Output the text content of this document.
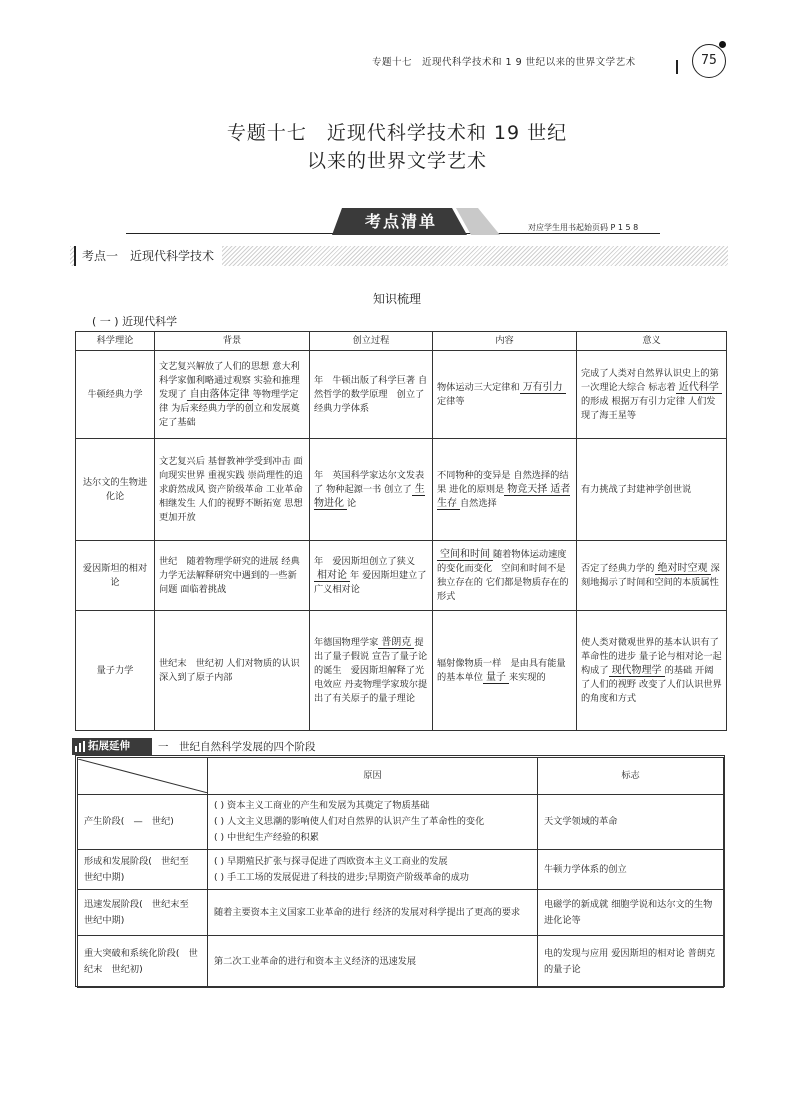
专题十七　近现代科学技术和 1 9 世纪以来的世界文学艺术	75
专题十七　近现代科学技术和 19 世纪
以来的世界文学艺术
考点清单	对应学生用书起始页码 P 1 5 8
考点一　近现代科学技术
知识梳理
( 一 ) 近现代科学
科学理论	背景	创立过程	内容	意义
牛顿经典力学	文艺复兴解放了人们的思想 意大利科学家伽利略通过观察 实验和推理发现了 自由落体定律 等物理学定律 为后来经典力学的创立和发展奠定了基础	年　牛顿出版了科学巨著 自然哲学的数学原理　创立了经典力学体系	物体运动三大定律和 万有引力定律等	完成了人类对自然界认识史上的第一次理论大综合 标志着 近代科学的形成 根据万有引力定律 人们发现了海王星等
达尔文的生物进化论	文艺复兴后 基督教神学受到冲击 面向现实世界 重视实践 崇尚理性的追求蔚然成风 资产阶级革命 工业革命相继发生 人们的视野不断拓宽 思想更加开放	年　英国科学家达尔文发表了 物种起源一书 创立了 生物进化 论	不同物种的变异是 自然选择的结果 进化的原则是 物竞天择 适者生存 自然选择	有力挑战了封建神学创世说
爱因斯坦的相对论	世纪　随着物理学研究的进展 经典力学无法解释研究中遇到的一些新问题 面临着挑战	年　爱因斯坦创立了狭义相对论 年 爱因斯坦建立了广义相对论	空间和时间 随着物体运动速度的变化而变化　空间和时间不是独立存在的 它们都是物质存在的形式	否定了经典力学的 绝对时空观 深刻地揭示了时间和空间的本质属性
量子力学	世纪末　世纪初 人们对物质的认识深入到了原子内部	年德国物理学家 普朗克 提出了量子假说 宣告了量子论的诞生　爱因斯坦解释了光电效应 丹麦物理学家玻尔提出了有关原子的量子理论	辐射像物质一样　是由具有能量的基本单位 量子 来实现的	使人类对微观世界的基本认识有了革命性的进步 量子论与相对论一起 构成了 现代物理学 的基础 开阔了人们的视野 改变了人们认识世界的角度和方式
拓展延伸	一　世纪自然科学发展的四个阶段
	原因	标志
产生阶段(　—　世纪)	( ) 资本主义工商业的产生和发展为其奠定了物质基础
( ) 人文主义思潮的影响使人们对自然界的认识产生了革命性的变化
( ) 中世纪生产经验的积累	天文学领域的革命
形成和发展阶段(　世纪至　世纪中期)	( ) 早期殖民扩张与探寻促进了西欧资本主义工商业的发展
( ) 手工工场的发展促进了科技的进步;早期资产阶级革命的成功	牛顿力学体系的创立
迅速发展阶段(　世纪末至　世纪中期)	随着主要资本主义国家工业革命的进行 经济的发展对科学提出了更高的要求	电磁学的新成就 细胞学说和达尔文的生物进化论等
重大突破和系统化阶段(　世纪末　世纪初)	第二次工业革命的进行和资本主义经济的迅速发展	电的发现与应用 爱因斯坦的相对论 普朗克的量子论
